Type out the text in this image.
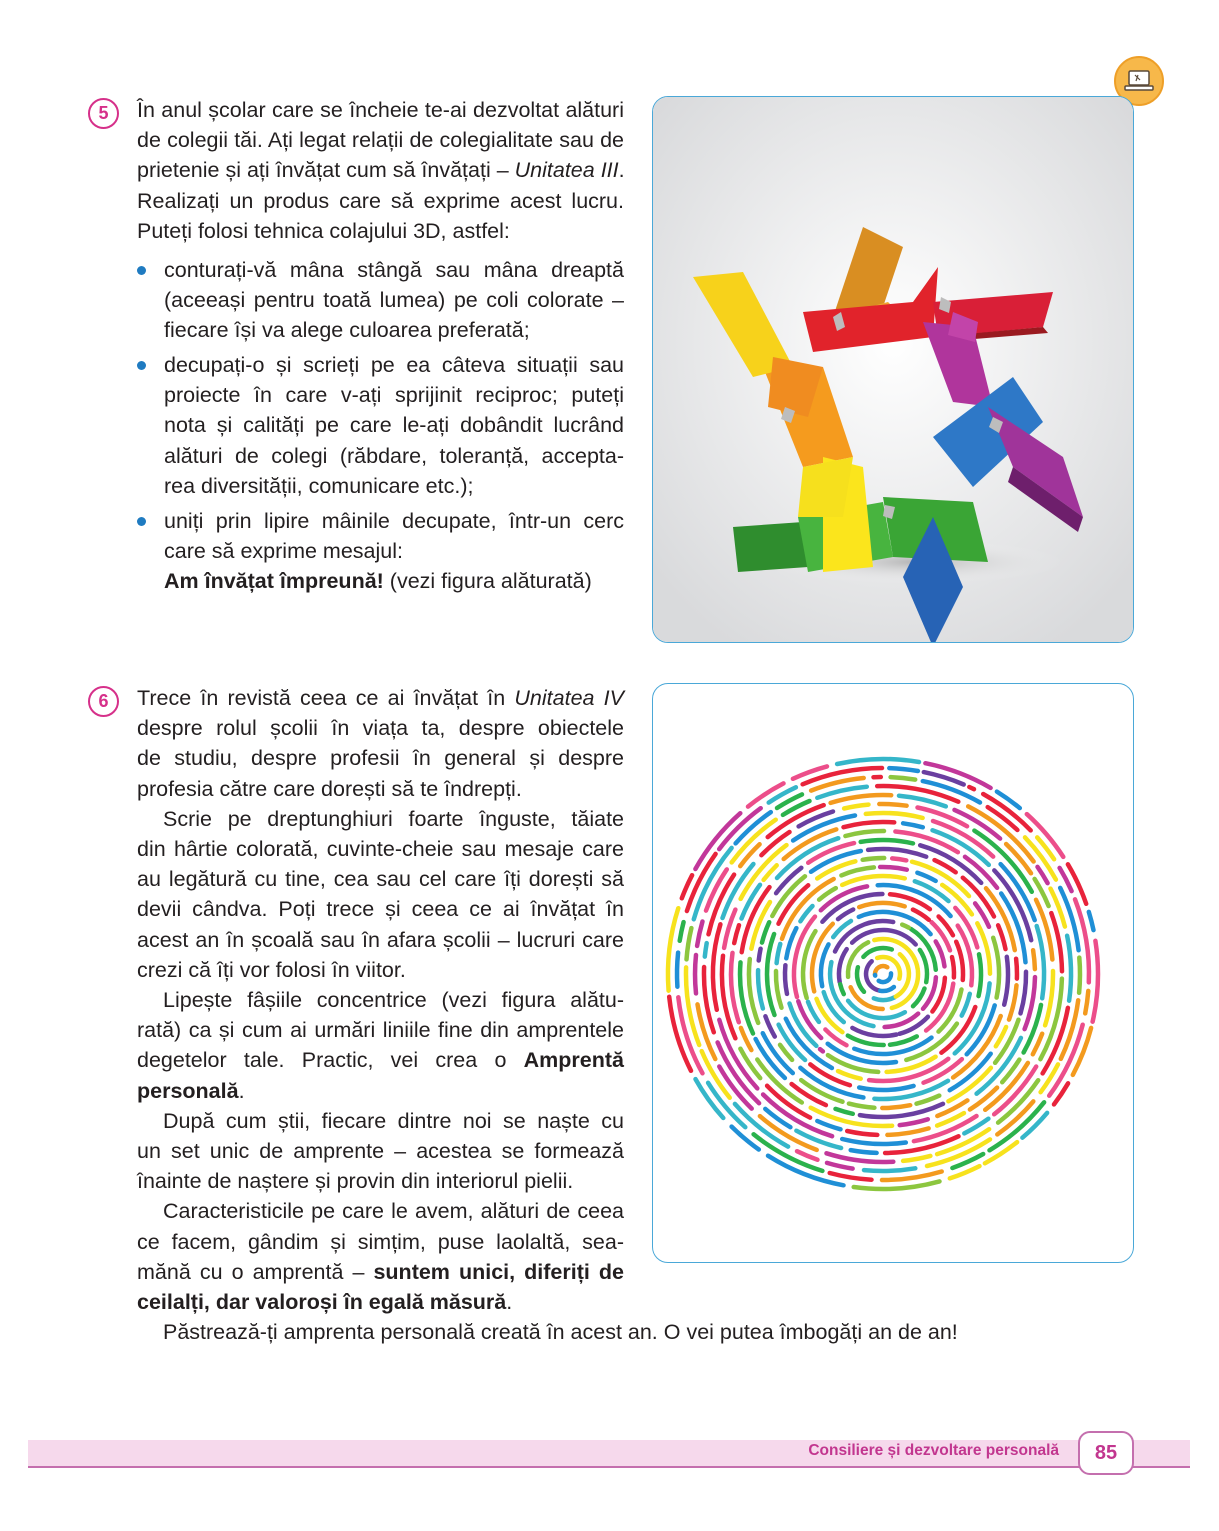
5	În anul școlar care se încheie te-ai dezvoltat alături
de colegii tăi. Ați legat relații de colegialitate sau de
prietenie și ați învățat cum să învățați – Unitatea III.
Realizați un produs care să exprime acest lucru.
Puteți folosi tehnica colajului 3D, astfel:
conturați-vă mâna stângă sau mâna dreaptă
(aceeași pentru toată lumea) pe coli colorate –
fiecare își va alege culoarea preferată;
decupați-o și scrieți pe ea câteva situații sau
proiecte în care v-ați sprijinit reciproc; puteți
nota și calități pe care le-ați dobândit lucrând
alături de colegi (răbdare, toleranță, accepta-
rea diversității, comunicare etc.);
uniți prin lipire mâinile decupate, într-un cerc
care să exprime mesajul:
Am învățat împreună! (vezi figura alăturată)
6	Trece în revistă ceea ce ai învățat în Unitatea IV
despre rolul școlii în viața ta, despre obiectele
de studiu, despre profesii în general și despre
profesia către care dorești să te îndrepți.
Scrie pe dreptunghiuri foarte înguste, tăiate
din hârtie colorată, cuvinte-cheie sau mesaje care
au legătură cu tine, cea sau cel care îți dorești să
devii cândva. Poți trece și ceea ce ai învățat în
acest an în școală sau în afara școlii – lucruri care
crezi că îți vor folosi în viitor.
Lipește fâșiile concentrice (vezi figura alătu-
rată) ca și cum ai urmări liniile fine din amprentele
degetelor tale. Practic, vei crea o Amprentă
personală.
După cum știi, fiecare dintre noi se naște cu
un set unic de amprente – acestea se formează
înainte de naștere și provin din interiorul pielii.
Caracteristicile pe care le avem, alături de ceea
ce facem, gândim și simțim, puse laolaltă, sea-
mănă cu o amprentă – suntem unici, diferiți de
ceilalți, dar valoroși în egală măsură.
Păstrează-ți amprenta personală creată în acest an. O vei putea îmbogăți an de an!
Consiliere și dezvoltare personală	85
